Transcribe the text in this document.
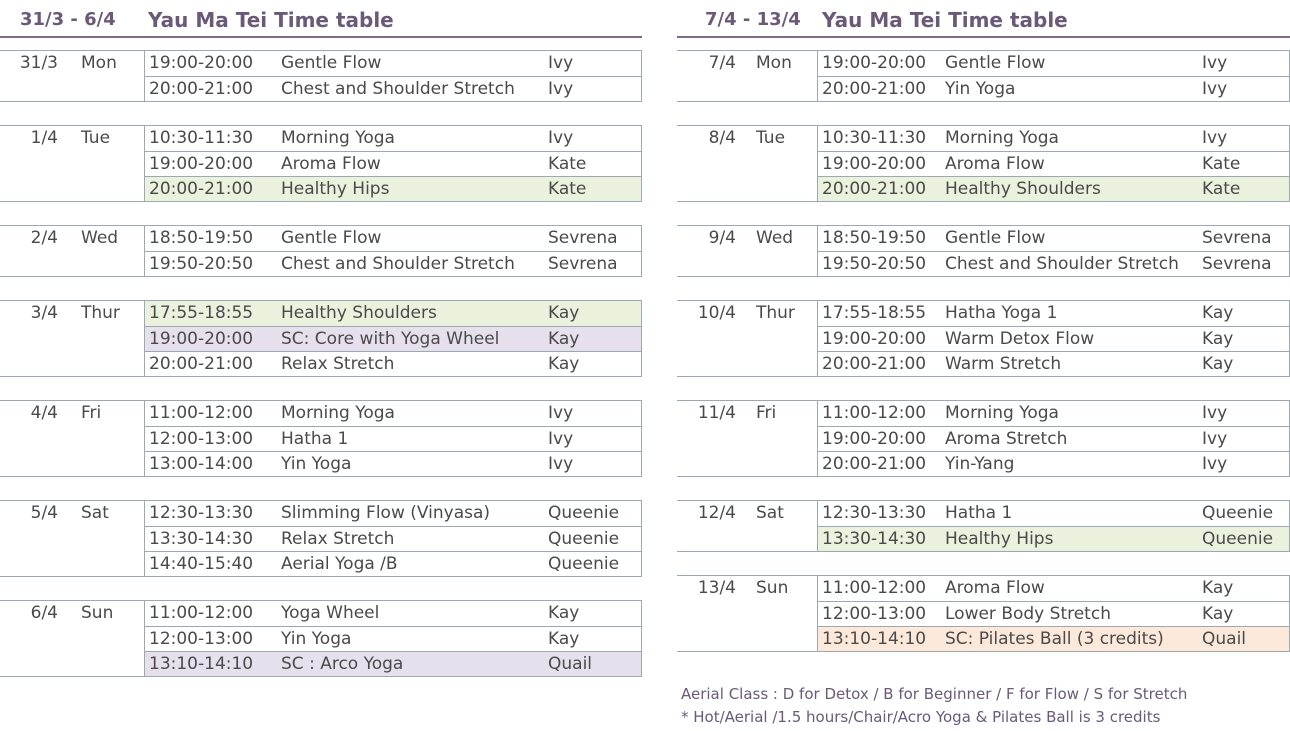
31/3 - 6/4 Yau Ma Tei Time table
31/3 Mon 19:00-20:00 Gentle Flow	Ivy
20:00-21:00 Chest and Shoulder Stretch Ivy
1/4 Tue 10:30-11:30 Morning Yoga	Ivy
19:00-20:00 Aroma Flow	Kate
20:00-21:00 Healthy Hips	Kate
2/4 Wed 18:50-19:50 Gentle Flow	Sevrena
19:50-20:50 Chest and Shoulder Stretch Sevrena
3/4 Thur 17:55-18:55 Healthy Shoulders	Kay
19:00-20:00 SC: Core with Yoga Wheel	Kay
20:00-21:00 Relax Stretch	Kay
4/4 Fri	11:00-12:00 Morning Yoga	Ivy
12:00-13:00 Hatha 1	Ivy
13:00-14:00 Yin Yoga	Ivy
5/4 Sat 12:30-13:30 Slimming Flow (Vinyasa)	Queenie
13:30-14:30 Relax Stretch	Queenie
14:40-15:40 Aerial Yoga /B	Queenie
6/4 Sun 11:00-12:00 Yoga Wheel	Kay
12:00-13:00 Yin Yoga	Kay
13:10-14:10 SC : Arco Yoga	Quail
7/4 - 13/4 Yau Ma Tei Time table
7/4 Mon 19:00-20:00 Gentle Flow	Ivy
20:00-21:00 Yin Yoga	Ivy
8/4 Tue 10:30-11:30 Morning Yoga	Ivy
19:00-20:00 Aroma Flow	Kate
20:00-21:00 Healthy Shoulders	Kate
9/4 Wed 18:50-19:50 Gentle Flow	Sevrena
19:50-20:50 Chest and Shoulder Stretch Sevrena
10/4 Thur 17:55-18:55 Hatha Yoga 1	Kay
19:00-20:00 Warm Detox Flow	Kay
20:00-21:00 Warm Stretch	Kay
11/4 Fri	11:00-12:00 Morning Yoga	Ivy
19:00-20:00 Aroma Stretch	Ivy
20:00-21:00 Yin-Yang	Ivy
12/4 Sat 12:30-13:30 Hatha 1	Queenie
13:30-14:30 Healthy Hips	Queenie
13/4 Sun 11:00-12:00 Aroma Flow	Kay
12:00-13:00 Lower Body Stretch	Kay
13:10-14:10 SC: Pilates Ball (3 credits) Quail
Aerial Class : D for Detox / B for Beginner / F for Flow / S for Stretch
* Hot/Aerial /1.5 hours/Chair/Acro Yoga & Pilates Ball is 3 credits
